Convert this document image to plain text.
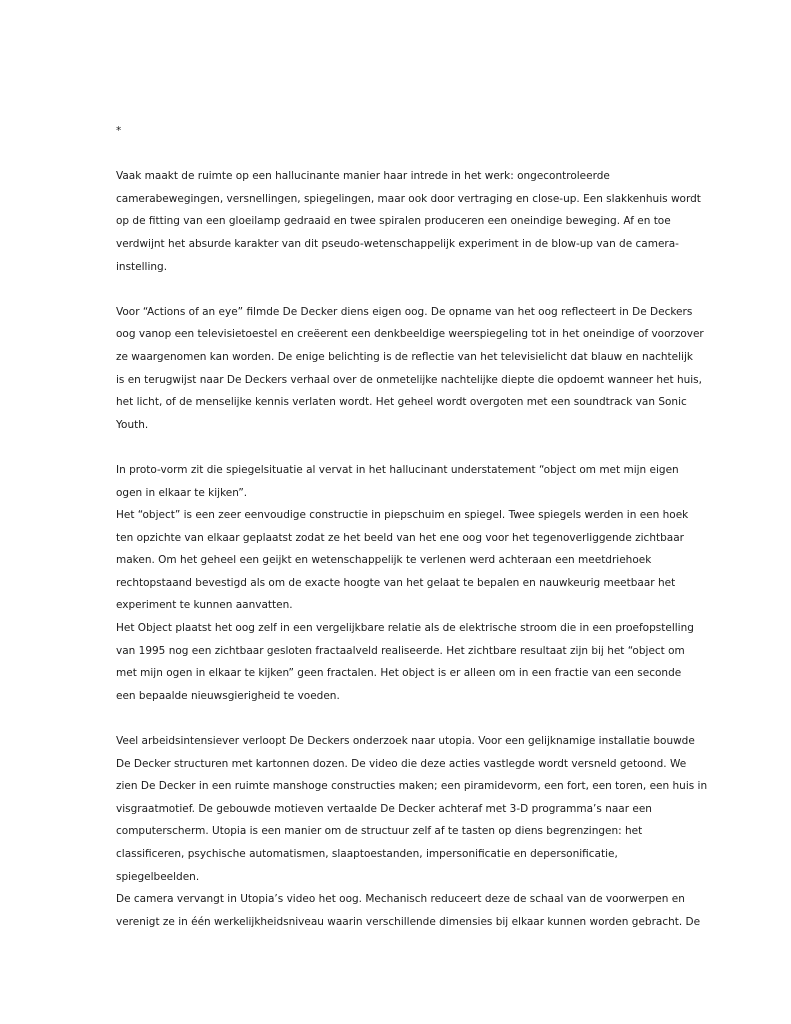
*
Vaak maakt de ruimte op een hallucinante manier haar intrede in het werk: ongecontroleerde
camerabewegingen, versnellingen, spiegelingen, maar ook door vertraging en close-up. Een slakkenhuis wordt
op de fitting van een gloeilamp gedraaid en twee spiralen produceren een oneindige beweging. Af en toe
verdwijnt het absurde karakter van dit pseudo-wetenschappelijk experiment in de blow-up van de camera-
instelling.
Voor “Actions of an eye” filmde De Decker diens eigen oog. De opname van het oog reflecteert in De Deckers
oog vanop een televisietoestel en creëerent een denkbeeldige weerspiegeling tot in het oneindige of voorzover
ze waargenomen kan worden. De enige belichting is de reflectie van het televisielicht dat blauw en nachtelijk
is en terugwijst naar De Deckers verhaal over de onmetelijke nachtelijke diepte die opdoemt wanneer het huis,
het licht, of de menselijke kennis verlaten wordt. Het geheel wordt overgoten met een soundtrack van Sonic
Youth.
In proto-vorm zit die spiegelsituatie al vervat in het hallucinant understatement “object om met mijn eigen
ogen in elkaar te kijken”.
Het “object” is een zeer eenvoudige constructie in piepschuim en spiegel. Twee spiegels werden in een hoek
ten opzichte van elkaar geplaatst zodat ze het beeld van het ene oog voor het tegenoverliggende zichtbaar
maken. Om het geheel een geijkt en wetenschappelijk te verlenen werd achteraan een meetdriehoek
rechtopstaand bevestigd als om de exacte hoogte van het gelaat te bepalen en nauwkeurig meetbaar het
experiment te kunnen aanvatten.
Het Object plaatst het oog zelf in een vergelijkbare relatie als de elektrische stroom die in een proefopstelling
van 1995 nog een zichtbaar gesloten fractaalveld realiseerde. Het zichtbare resultaat zijn bij het “object om
met mijn ogen in elkaar te kijken” geen fractalen. Het object is er alleen om in een fractie van een seconde
een bepaalde nieuwsgierigheid te voeden.
Veel arbeidsintensiever verloopt De Deckers onderzoek naar utopia. Voor een gelijknamige installatie bouwde
De Decker structuren met kartonnen dozen. De video die deze acties vastlegde wordt versneld getoond. We
zien De Decker in een ruimte manshoge constructies maken; een piramidevorm, een fort, een toren, een huis in
visgraatmotief. De gebouwde motieven vertaalde De Decker achteraf met 3-D programma’s naar een
computerscherm. Utopia is een manier om de structuur zelf af te tasten op diens begrenzingen: het
classificeren, psychische automatismen, slaaptoestanden, impersonificatie en depersonificatie,
spiegelbeelden.
De camera vervangt in Utopia’s video het oog. Mechanisch reduceert deze de schaal van de voorwerpen en
verenigt ze in één werkelijkheidsniveau waarin verschillende dimensies bij elkaar kunnen worden gebracht. De
